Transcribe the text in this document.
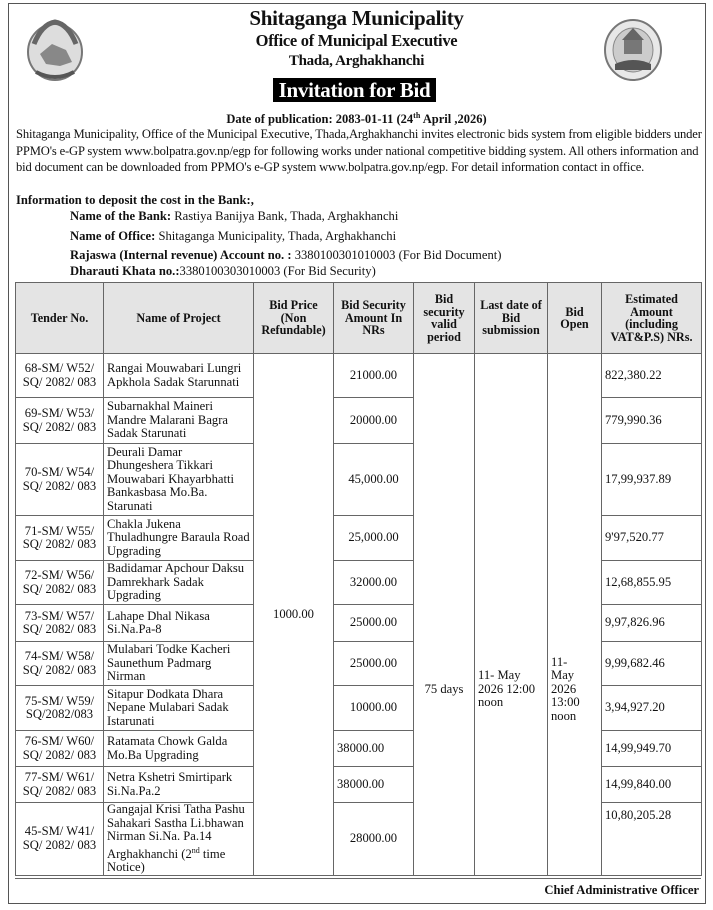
Shitaganga Municipality
Office of Municipal Executive
Thada, Arghakhanchi
Invitation for Bid
Date of publication: 2083-01-11 (24th April ,2026)
Shitaganga Municipality, Office of the Municipal Executive, Thada,Arghakhanchi invites electronic bids system from eligible bidders under PPMO's e-GP system www.bolpatra.gov.np/egp for following works under national competitive bidding system. All others information and bid document can be downloaded from PPMO's e-GP system www.bolpatra.gov.np/egp. For detail information contact in office.
Information to deposit the cost in the Bank:,
Name of the Bank: Rastiya Banijya Bank, Thada, Arghakhanchi
Name of Office: Shitaganga Municipality, Thada, Arghakhanchi
Rajaswa (Internal revenue) Account no. : 3380100301010003 (For Bid Document)
Dharauti Khata no.:3380100303010003 (For Bid Security)
Tender No.	Name of Project	Bid Price (Non Refundable)	Bid Security Amount In NRs	Bid security valid period	Last date of Bid submission	Bid Open	Estimated Amount (including VAT&P.S) NRs.
68-SM/ W52/ SQ/ 2082/ 083	Rangai Mouwabari Lungri Apkhola Sadak Starunnati	1000.00	21000.00	75 days	11- May 2026 12:00 noon	11- May 2026 13:00 noon	822,380.22
69-SM/ W53/ SQ/ 2082/ 083	Subarnakhal Maineri Mandre Malarani Bagra Sadak Starunati		20000.00				779,990.36
70-SM/ W54/ SQ/ 2082/ 083	Deurali Damar Dhungeshera Tikkari Mouwabari Khayarbhatti Bankasbasa Mo.Ba. Starunati		45,000.00				17,99,937.89
71-SM/ W55/ SQ/ 2082/ 083	Chakla Jukena Thuladhungre Baraula Road Upgrading		25,000.00				9'97,520.77
72-SM/ W56/ SQ/ 2082/ 083	Badidamar Apchour Daksu Damrekhark Sadak Upgrading		32000.00				12,68,855.95
73-SM/ W57/ SQ/ 2082/ 083	Lahape Dhal Nikasa Si.Na.Pa-8		25000.00				9,97,826.96
74-SM/ W58/ SQ/ 2082/ 083	Mulabari Todke Kacheri Saunethum Padmarg Nirman		25000.00				9,99,682.46
75-SM/ W59/ SQ/2082/083	Sitapur Dodkata Dhara Nepane Mulabari Sadak Istarunati		10000.00				3,94,927.20
76-SM/ W60/ SQ/ 2082/ 083	Ratamata Chowk Galda Mo.Ba Upgrading		38000.00				14,99,949.70
77-SM/ W61/ SQ/ 2082/ 083	Netra Kshetri Smirtipark Si.Na.Pa.2		38000.00				14,99,840.00
45-SM/ W41/ SQ/ 2082/ 083	Gangajal Krisi Tatha Pashu Sahakari Sastha Li.bhawan Nirman Si.Na. Pa.14 Arghakhanchi (2nd time Notice)		28000.00				10,80,205.28
Chief Administrative Officer
